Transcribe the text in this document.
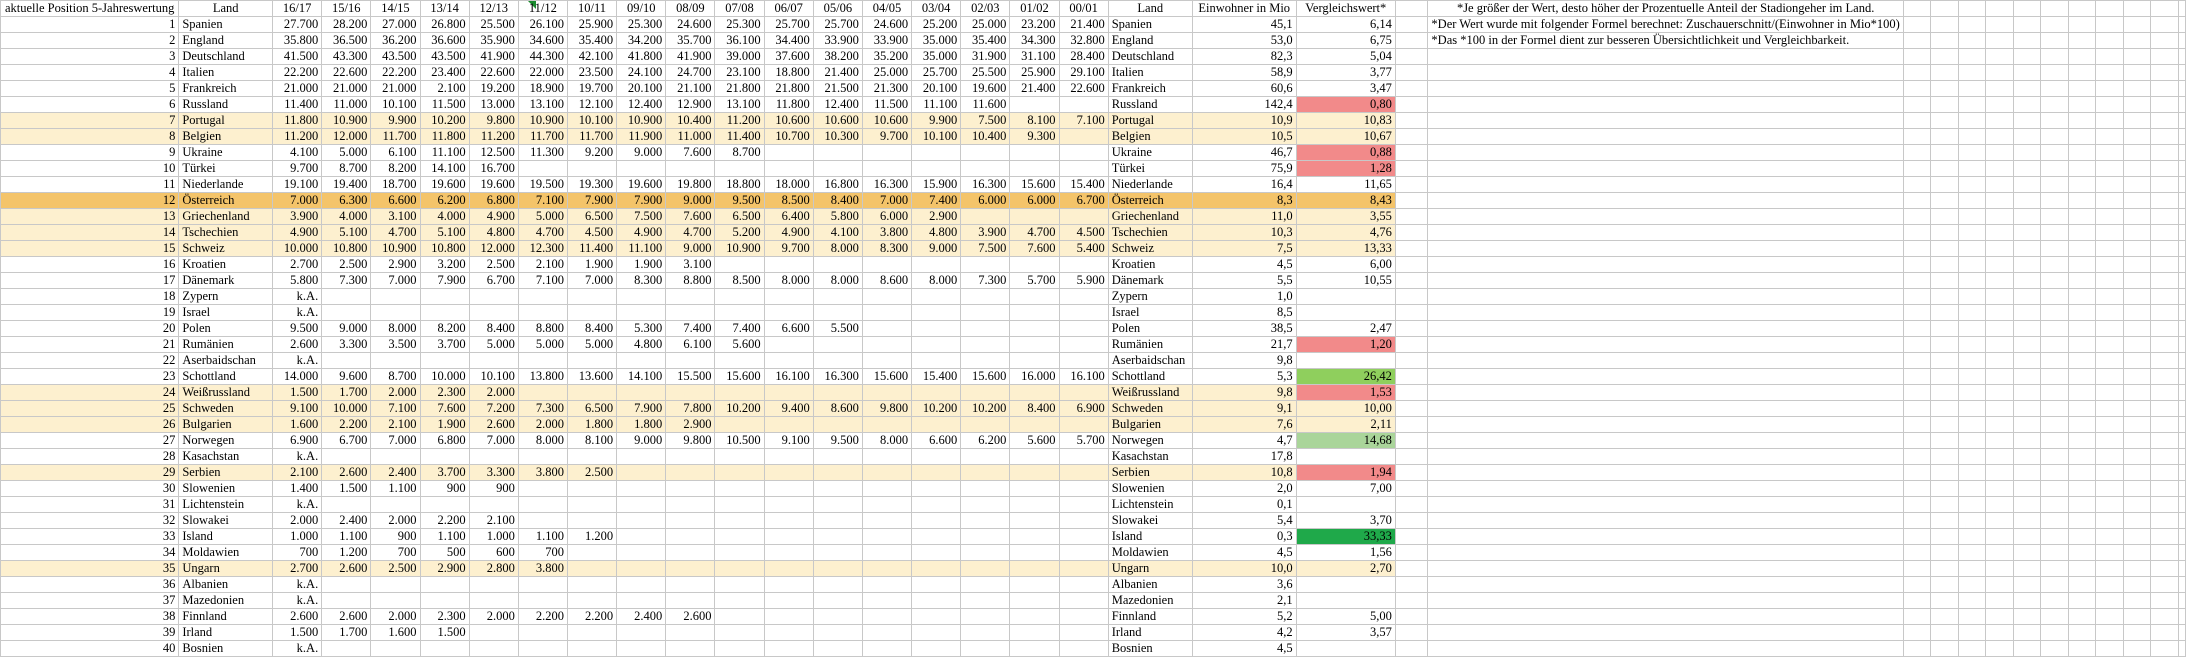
aktuelle Position 5-Jahreswertung	Land	16/17	15/16	14/15	13/14	12/13	11/12	10/11	09/10	08/09	07/08	06/07	05/06	04/05	03/04	02/03	01/02	00/01	Land	Einwohner in Mio	Vergleichswert*		*Je größer der Wert, desto höher der Prozentuelle Anteil der Stadiongeher im Land.											
1	Spanien	27.700	28.200	27.000	26.800	25.500	26.100	25.900	25.300	24.600	25.300	25.700	25.700	24.600	25.200	25.000	23.200	21.400	Spanien	45,1	6,14		*Der Wert wurde mit folgender Formel berechnet: Zuschauerschnitt/(Einwohner in Mio*100)											
2	England	35.800	36.500	36.200	36.600	35.900	34.600	35.400	34.200	35.700	36.100	34.400	33.900	33.900	35.000	35.400	34.300	32.800	England	53,0	6,75		*Das *100 in der Formel dient zur besseren Übersichtlichkeit und Vergleichbarkeit.											
3	Deutschland	41.500	43.300	43.500	43.500	41.900	44.300	42.100	41.800	41.900	39.000	37.600	38.200	35.200	35.000	31.900	31.100	28.400	Deutschland	82,3	5,04													
4	Italien	22.200	22.600	22.200	23.400	22.600	22.000	23.500	24.100	24.700	23.100	18.800	21.400	25.000	25.700	25.500	25.900	29.100	Italien	58,9	3,77													
5	Frankreich	21.000	21.000	21.000	2.100	19.200	18.900	19.700	20.100	21.100	21.800	21.800	21.500	21.300	20.100	19.600	21.400	22.600	Frankreich	60,6	3,47													
6	Russland	11.400	11.000	10.100	11.500	13.000	13.100	12.100	12.400	12.900	13.100	11.800	12.400	11.500	11.100	11.600			Russland	142,4	0,80													
7	Portugal	11.800	10.900	9.900	10.200	9.800	10.900	10.100	10.900	10.400	11.200	10.600	10.600	10.600	9.900	7.500	8.100	7.100	Portugal	10,9	10,83													
8	Belgien	11.200	12.000	11.700	11.800	11.200	11.700	11.700	11.900	11.000	11.400	10.700	10.300	9.700	10.100	10.400	9.300		Belgien	10,5	10,67													
9	Ukraine	4.100	5.000	6.100	11.100	12.500	11.300	9.200	9.000	7.600	8.700								Ukraine	46,7	0,88													
10	Türkei	9.700	8.700	8.200	14.100	16.700													Türkei	75,9	1,28													
11	Niederlande	19.100	19.400	18.700	19.600	19.600	19.500	19.300	19.600	19.800	18.800	18.000	16.800	16.300	15.900	16.300	15.600	15.400	Niederlande	16,4	11,65													
12	Österreich	7.000	6.300	6.600	6.200	6.800	7.100	7.900	7.900	9.000	9.500	8.500	8.400	7.000	7.400	6.000	6.000	6.700	Österreich	8,3	8,43													
13	Griechenland	3.900	4.000	3.100	4.000	4.900	5.000	6.500	7.500	7.600	6.500	6.400	5.800	6.000	2.900				Griechenland	11,0	3,55													
14	Tschechien	4.900	5.100	4.700	5.100	4.800	4.700	4.500	4.900	4.700	5.200	4.900	4.100	3.800	4.800	3.900	4.700	4.500	Tschechien	10,3	4,76													
15	Schweiz	10.000	10.800	10.900	10.800	12.000	12.300	11.400	11.100	9.000	10.900	9.700	8.000	8.300	9.000	7.500	7.600	5.400	Schweiz	7,5	13,33													
16	Kroatien	2.700	2.500	2.900	3.200	2.500	2.100	1.900	1.900	3.100									Kroatien	4,5	6,00													
17	Dänemark	5.800	7.300	7.000	7.900	6.700	7.100	7.000	8.300	8.800	8.500	8.000	8.000	8.600	8.000	7.300	5.700	5.900	Dänemark	5,5	10,55													
18	Zypern	k.A.																	Zypern	1,0														
19	Israel	k.A.																	Israel	8,5														
20	Polen	9.500	9.000	8.000	8.200	8.400	8.800	8.400	5.300	7.400	7.400	6.600	5.500						Polen	38,5	2,47													
21	Rumänien	2.600	3.300	3.500	3.700	5.000	5.000	5.000	4.800	6.100	5.600								Rumänien	21,7	1,20													
22	Aserbaidschan	k.A.																	Aserbaidschan	9,8														
23	Schottland	14.000	9.600	8.700	10.000	10.100	13.800	13.600	14.100	15.500	15.600	16.100	16.300	15.600	15.400	15.600	16.000	16.100	Schottland	5,3	26,42													
24	Weißrussland	1.500	1.700	2.000	2.300	2.000													Weißrussland	9,8	1,53													
25	Schweden	9.100	10.000	7.100	7.600	7.200	7.300	6.500	7.900	7.800	10.200	9.400	8.600	9.800	10.200	10.200	8.400	6.900	Schweden	9,1	10,00													
26	Bulgarien	1.600	2.200	2.100	1.900	2.600	2.000	1.800	1.800	2.900									Bulgarien	7,6	2,11													
27	Norwegen	6.900	6.700	7.000	6.800	7.000	8.000	8.100	9.000	9.800	10.500	9.100	9.500	8.000	6.600	6.200	5.600	5.700	Norwegen	4,7	14,68													
28	Kasachstan	k.A.																	Kasachstan	17,8														
29	Serbien	2.100	2.600	2.400	3.700	3.300	3.800	2.500											Serbien	10,8	1,94													
30	Slowenien	1.400	1.500	1.100	900	900													Slowenien	2,0	7,00													
31	Lichtenstein	k.A.																	Lichtenstein	0,1														
32	Slowakei	2.000	2.400	2.000	2.200	2.100													Slowakei	5,4	3,70													
33	Island	1.000	1.100	900	1.100	1.000	1.100	1.200											Island	0,3	33,33													
34	Moldawien	700	1.200	700	500	600	700												Moldawien	4,5	1,56													
35	Ungarn	2.700	2.600	2.500	2.900	2.800	3.800												Ungarn	10,0	2,70													
36	Albanien	k.A.																	Albanien	3,6														
37	Mazedonien	k.A.																	Mazedonien	2,1														
38	Finnland	2.600	2.600	2.000	2.300	2.000	2.200	2.200	2.400	2.600									Finnland	5,2	5,00													
39	Irland	1.500	1.700	1.600	1.500														Irland	4,2	3,57													
40	Bosnien	k.A.																	Bosnien	4,5														
